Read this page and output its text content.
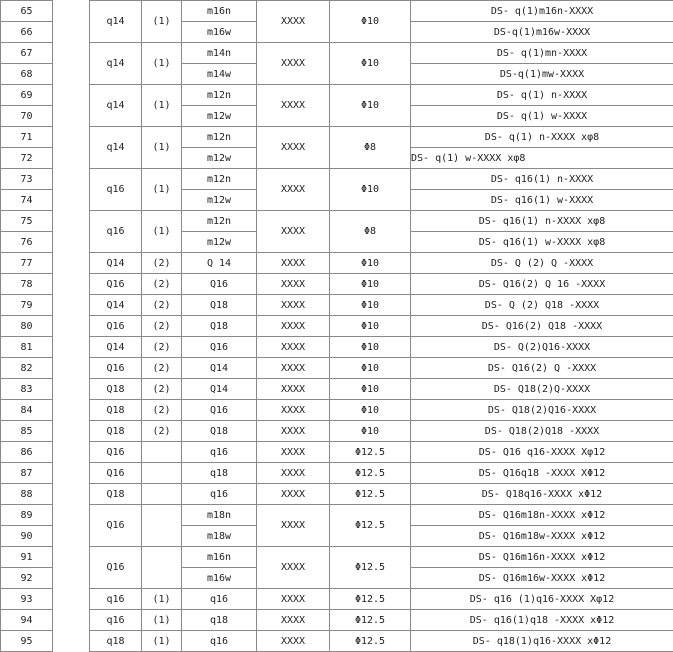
65		q14	(1)	m16n	XXXX	Φ10	DS- q(1)m16n-XXXX
66				m16w			DS-q(1)m16w-XXXX
67		q14	(1)	m14n	XXXX	Φ10	DS- q(1)mn-XXXX
68				m14w			DS-q(1)mw-XXXX
69		q14	(1)	m12n	XXXX	Φ10	DS- q(1) n-XXXX
70				m12w			DS- q(1) w-XXXX
71		q14	(1)	m12n	XXXX	Φ8	DS- q(1) n-XXXX xφ8
72				m12w			DS- q(1) w-XXXX xφ8
73		q16	(1)	m12n	XXXX	Φ10	DS- q16(1) n-XXXX
74				m12w			DS- q16(1) w-XXXX
75		q16	(1)	m12n	XXXX	Φ8	DS- q16(1) n-XXXX xφ8
76				m12w			DS- q16(1) w-XXXX xφ8
77		Q14	(2)	Q 14	XXXX	Φ10	DS- Q (2) Q -XXXX
78		Q16	(2)	Q16	XXXX	Φ10	DS- Q16(2) Q 16 -XXXX
79		Q14	(2)	Q18	XXXX	Φ10	DS- Q (2) Q18 -XXXX
80		Q16	(2)	Q18	XXXX	Φ10	DS- Q16(2) Q18 -XXXX
81		Q14	(2)	Q16	XXXX	Φ10	DS- Q(2)Q16-XXXX
82		Q16	(2)	Q14	XXXX	Φ10	DS- Q16(2) Q -XXXX
83		Q18	(2)	Q14	XXXX	Φ10	DS- Q18(2)Q-XXXX
84		Q18	(2)	Q16	XXXX	Φ10	DS- Q18(2)Q16-XXXX
85		Q18	(2)	Q18	XXXX	Φ10	DS- Q18(2)Q18 -XXXX
86		Q16		q16	XXXX	Φ12.5	DS- Q16 q16-XXXX Xφ12
87		Q16		q18	XXXX	Φ12.5	DS- Q16q18 -XXXX XΦ12
88		Q18		q16	XXXX	Φ12.5	DS- Q18q16-XXXX xΦ12
89		Q16		m18n	XXXX	Φ12.5	DS- Q16m18n-XXXX xΦ12
90				m18w			DS- Q16m18w-XXXX xΦ12
91		Q16		m16n	XXXX	Φ12.5	DS- Q16m16n-XXXX xΦ12
92				m16w			DS- Q16m16w-XXXX xΦ12
93		q16	(1)	q16	XXXX	Φ12.5	DS- q16 (1)q16-XXXX Xφ12
94		q16	(1)	q18	XXXX	Φ12.5	DS- q16(1)q18 -XXXX xΦ12
95		q18	(1)	q16	XXXX	Φ12.5	DS- q18(1)q16-XXXX xΦ12
